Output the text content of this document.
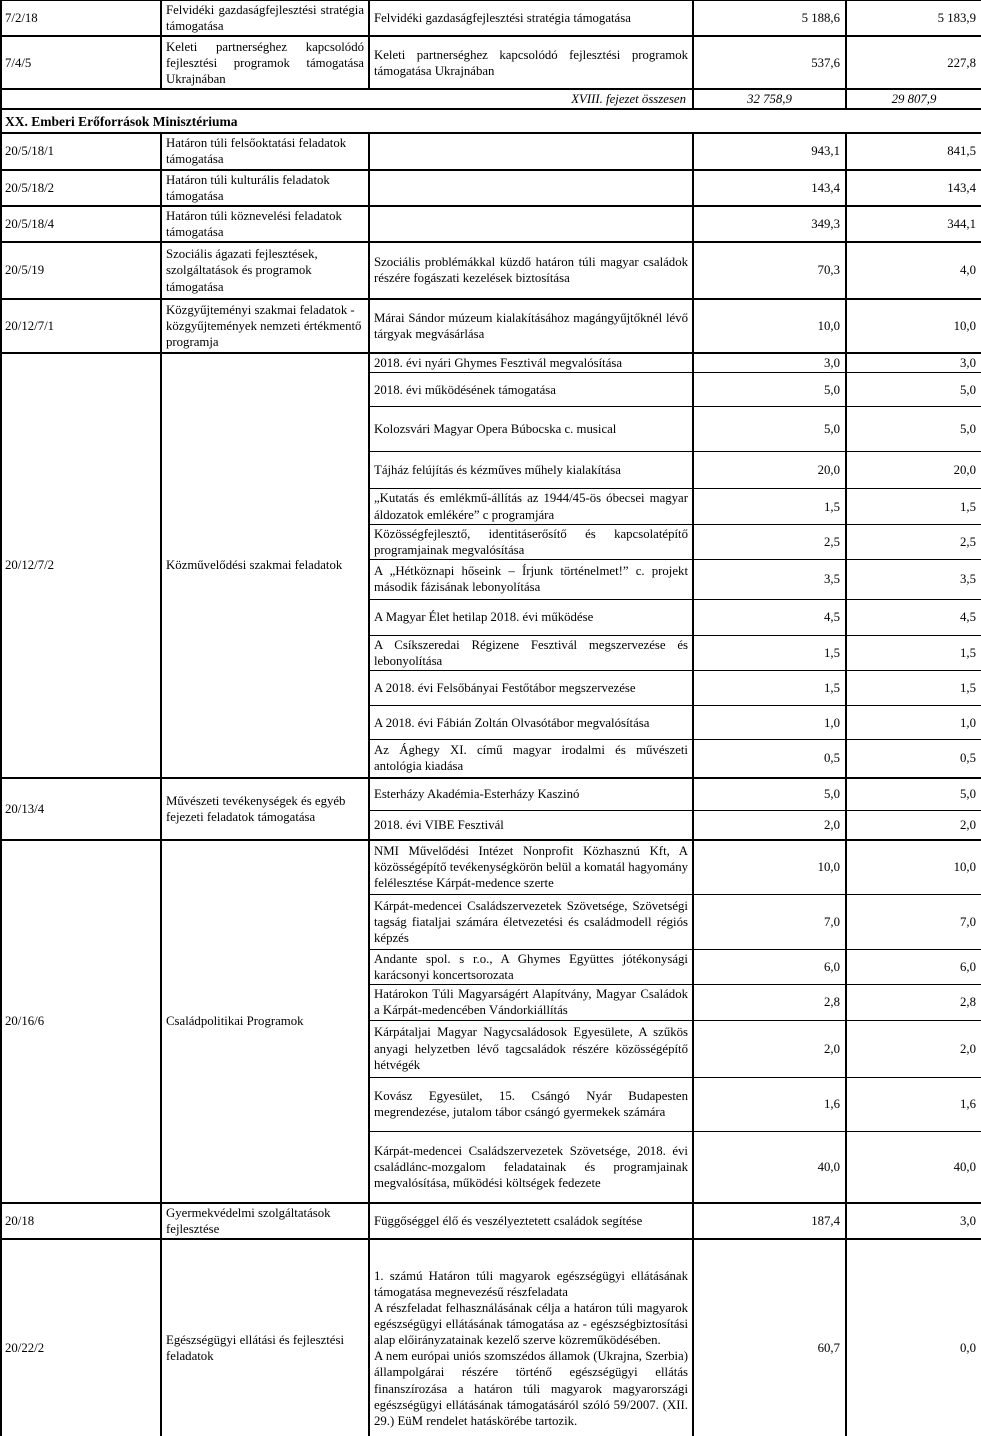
7/2/18	Felvidéki gazdaságfejlesztési stratégia támogatása	Felvidéki gazdaságfejlesztési stratégia támogatása	5 188,6	5 183,9
7/4/5	Keleti partnerséghez kapcsolódó fejlesztési programok támogatása Ukrajnában	Keleti partnerséghez kapcsolódó fejlesztési programok támogatása Ukrajnában	537,6	227,8
XVIII. fejezet összesen			32 758,9	29 807,9
XX. Emberi Erőforrások Minisztériuma				
20/5/18/1	Határon túli felsőoktatási feladatok támogatása		943,1	841,5
20/5/18/2	Határon túli kulturális feladatok támogatása		143,4	143,4
20/5/18/4	Határon túli köznevelési feladatok támogatása		349,3	344,1
20/5/19	Szociális ágazati fejlesztések, szolgáltatások és programok támogatása	Szociális problémákkal küzdő határon túli magyar családok részére fogászati kezelések biztosítása	70,3	4,0
20/12/7/1	Közgyűjteményi szakmai feladatok - közgyűjtemények nemzeti értékmentő programja	Márai Sándor múzeum kialakításához magángyűjtőknél lévő tárgyak megvásárlása	10,0	10,0
20/12/7/2	Közművelődési szakmai feladatok	2018. évi nyári Ghymes Fesztivál megvalósítása	3,0	3,0
		2018. évi működésének támogatása	5,0	5,0
		Kolozsvári Magyar Opera Búbocska c. musical	5,0	5,0
		Tájház felújítás és kézműves műhely kialakítása	20,0	20,0
		„Kutatás és emlékmű-állítás az 1944/45-ös óbecsei magyar áldozatok emlékére” c programjára	1,5	1,5
		Közösségfejlesztő, identitáserősítő és kapcsolatépítő programjainak megvalósítása	2,5	2,5
		A „Hétköznapi hőseink – Írjunk történelmet!” c. projekt második fázisának lebonyolítása	3,5	3,5
		A Magyar Élet hetilap 2018. évi működése	4,5	4,5
		A Csíkszeredai Régizene Fesztivál megszervezése és lebonyolítása	1,5	1,5
		A 2018. évi Felsőbányai Festőtábor megszervezése	1,5	1,5
		A 2018. évi Fábián Zoltán Olvasótábor megvalósítása	1,0	1,0
		Az Ághegy XI. című magyar irodalmi és művészeti antológia kiadása	0,5	0,5
20/13/4	Művészeti tevékenységek és egyéb fejezeti feladatok támogatása	Esterházy Akadémia-Esterházy Kaszinó	5,0	5,0
		2018. évi VIBE Fesztivál	2,0	2,0
20/16/6	Családpolitikai Programok	NMI Művelődési Intézet Nonprofit Közhasznú Kft, A közösségépítő tevékenységkörön belül a komatál hagyomány felélesztése Kárpát-medence szerte	10,0	10,0
		Kárpát-medencei Családszervezetek Szövetsége, Szövetségi tagság fiataljai számára életvezetési és családmodell régiós képzés	7,0	7,0
		Andante spol. s r.o., A Ghymes Együttes jótékonysági karácsonyi koncertsorozata	6,0	6,0
		Határokon Túli Magyarságért Alapítvány, Magyar Családok a Kárpát-medencében Vándorkiállítás	2,8	2,8
		Kárpátaljai Magyar Nagycsaládosok Egyesülete, A szűkös anyagi helyzetben lévő tagcsaládok részére közösségépítő hétvégék	2,0	2,0
		Kovász Egyesület, 15. Csángó Nyár Budapesten megrendezése, jutalom tábor csángó gyermekek számára	1,6	1,6
		Kárpát-medencei Családszervezetek Szövetsége, 2018. évi családlánc-mozgalom feladatainak és programjainak megvalósítása, működési költségek fedezete	40,0	40,0
20/18	Gyermekvédelmi szolgáltatások fejlesztése	Függőséggel élő és veszélyeztetett családok segítése	187,4	3,0
20/22/2	Egészségügyi ellátási és fejlesztési feladatok	1. számú Határon túli magyarok egészségügyi ellátásának támogatása megnevezésű részfeladata
A részfeladat felhasználásának célja a határon túli magyarok egészségügyi ellátásának támogatása az - egészségbiztosítási alap előirányzatainak kezelő szerve közreműködésében.
A nem európai uniós szomszédos államok (Ukrajna, Szerbia) állampolgárai részére történő egészségügyi ellátás finanszírozása a határon túli magyarok magyarországi egészségügyi ellátásának támogatásáról szóló 59/2007. (XII. 29.) EüM rendelet hatáskörébe tartozik.	60,7	0,0
